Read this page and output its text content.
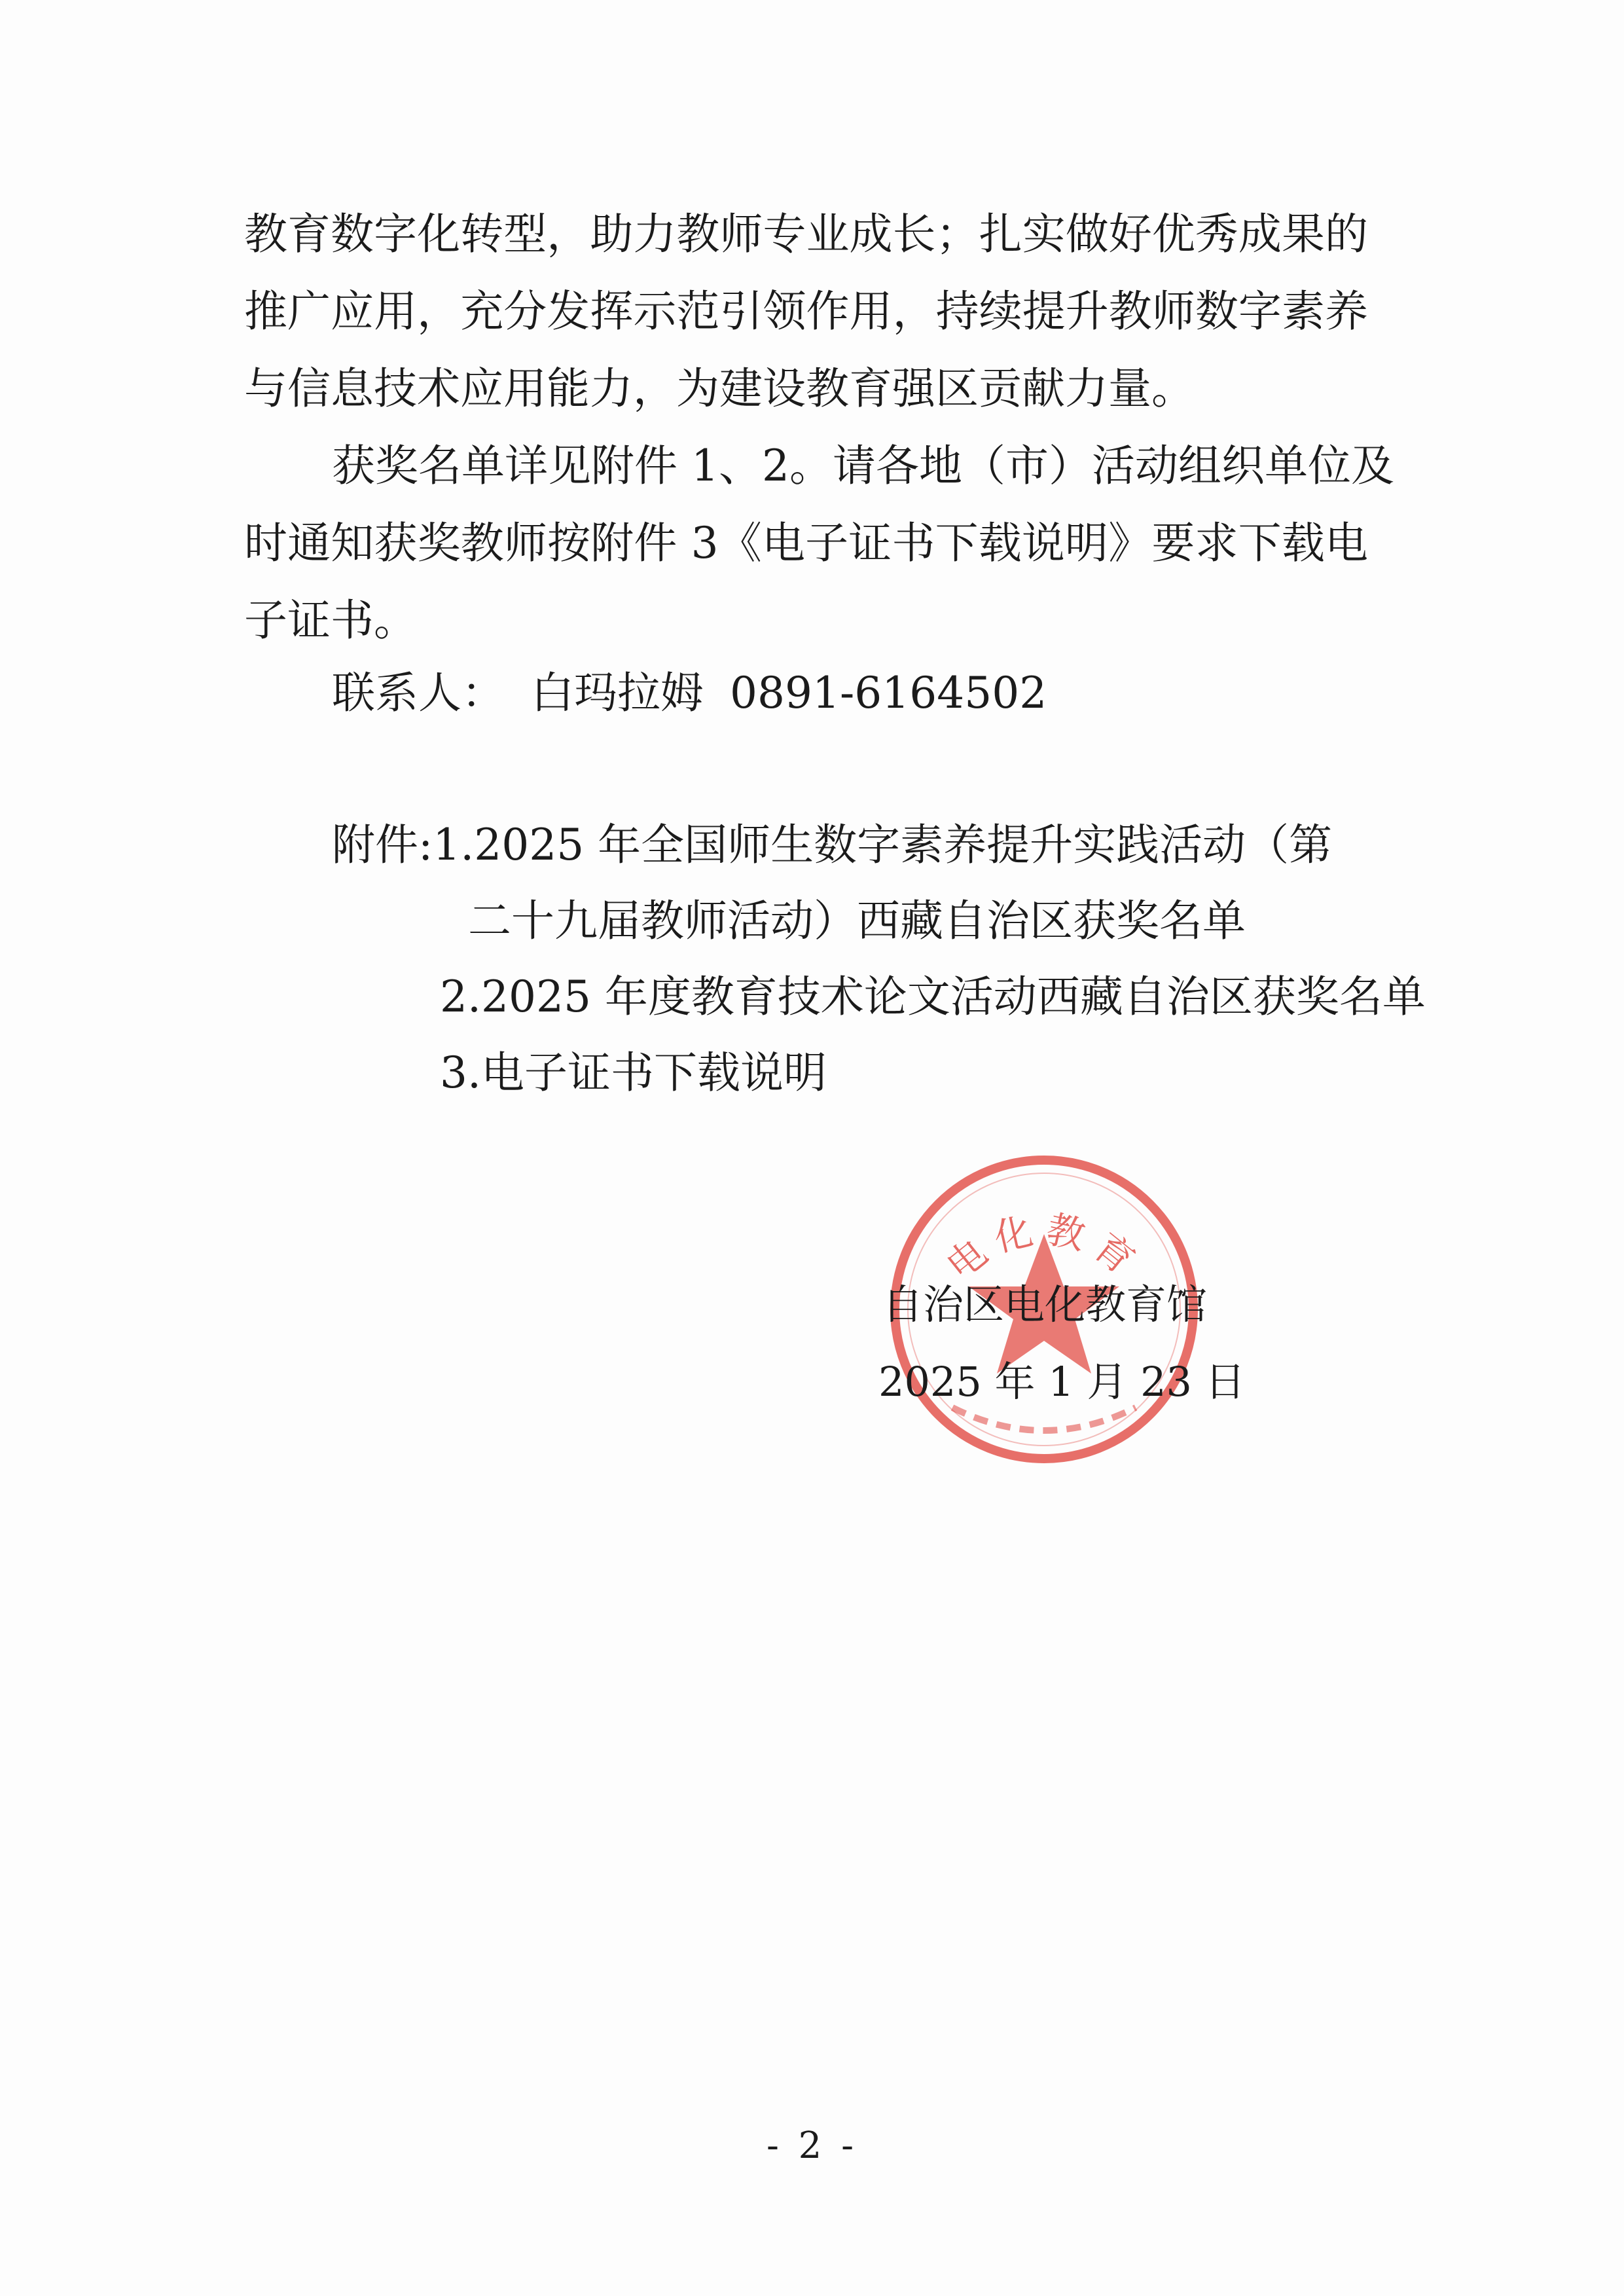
教育数字化转型，助力教师专业成长；扎实做好优秀成果的
推广应用，充分发挥示范引领作用，持续提升教师数字素养
与信息技术应用能力，为建设教育强区贡献力量。
获奖名单详见附件 1、2。请各地（市）活动组织单位及
时通知获奖教师按附件 3《电子证书下载说明》要求下载电
子证书。
联系人： 白玛拉姆 0891-6164502
附件:1.2025 年全国师生数字素养提升实践活动（第
二十九届教师活动）西藏自治区获奖名单
2.2025 年度教育技术论文活动西藏自治区获奖名单
3.电子证书下载说明
电化教育
自治区电化教育馆
2025 年 1 月 23 日
- 2 -
